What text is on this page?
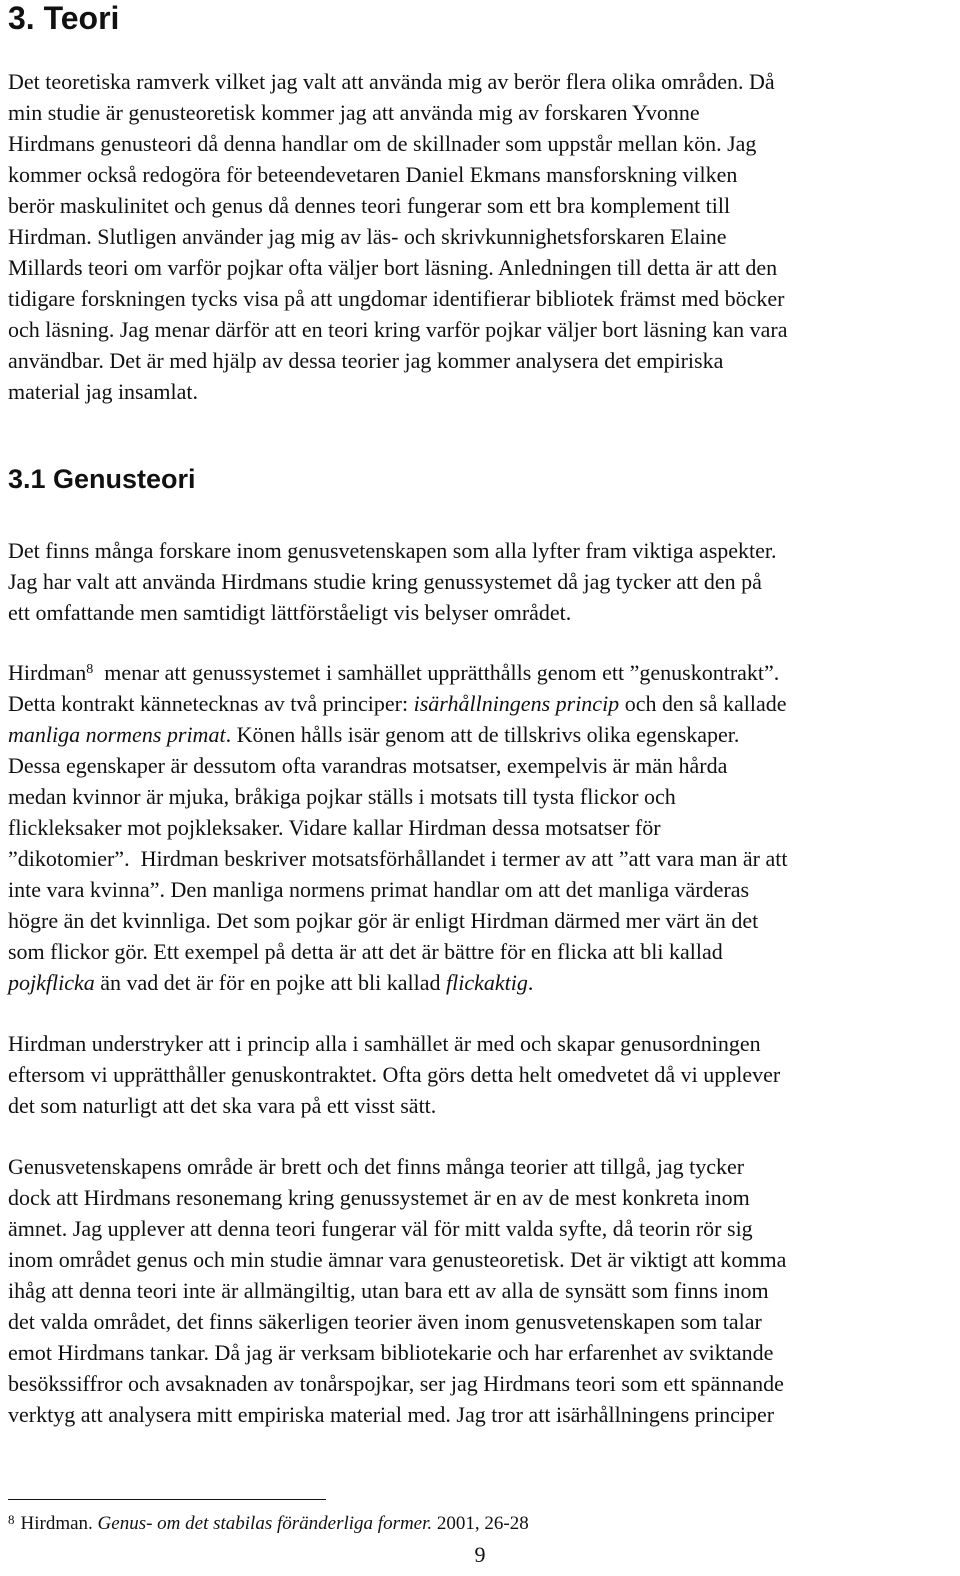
3. Teori

Det teoretiska ramverk vilket jag valt att använda mig av berör flera olika områden. Då
min studie är genusteoretisk kommer jag att använda mig av forskaren Yvonne
Hirdmans genusteori då denna handlar om de skillnader som uppstår mellan kön. Jag
kommer också redogöra för beteendevetaren Daniel Ekmans mansforskning vilken
berör maskulinitet och genus då dennes teori fungerar som ett bra komplement till
Hirdman. Slutligen använder jag mig av läs- och skrivkunnighetsforskaren Elaine
Millards teori om varför pojkar ofta väljer bort läsning. Anledningen till detta är att den
tidigare forskningen tycks visa på att ungdomar identifierar bibliotek främst med böcker
och läsning. Jag menar därför att en teori kring varför pojkar väljer bort läsning kan vara
användbar. Det är med hjälp av dessa teorier jag kommer analysera det empiriska
material jag insamlat.

3.1 Genusteori

Det finns många forskare inom genusvetenskapen som alla lyfter fram viktiga aspekter.
Jag har valt att använda Hirdmans studie kring genussystemet då jag tycker att den på
ett omfattande men samtidigt lättförståeligt vis belyser området.

Hirdman$^8$  menar att genussystemet i samhället upprätthålls genom ett ”genuskontrakt”.
Detta kontrakt kännetecknas av två principer: isärhållningens princip och den så kallade
manliga normens primat. Könen hålls isär genom att de tillskrivs olika egenskaper.
Dessa egenskaper är dessutom ofta varandras motsatser, exempelvis är män hårda
medan kvinnor är mjuka, bråkiga pojkar ställs i motsats till tysta flickor och
flickleksaker mot pojkleksaker. Vidare kallar Hirdman dessa motsatser för
”dikotomier”.  Hirdman beskriver motsatsförhållandet i termer av att ”att vara man är att
inte vara kvinna”. Den manliga normens primat handlar om att det manliga värderas
högre än det kvinnliga. Det som pojkar gör är enligt Hirdman därmed mer värt än det
som flickor gör. Ett exempel på detta är att det är bättre för en flicka att bli kallad
pojkflicka än vad det är för en pojke att bli kallad flickaktig.

Hirdman understryker att i princip alla i samhället är med och skapar genusordningen
eftersom vi upprätthåller genuskontraktet. Ofta görs detta helt omedvetet då vi upplever
det som naturligt att det ska vara på ett visst sätt.

Genusvetenskapens område är brett och det finns många teorier att tillgå, jag tycker
dock att Hirdmans resonemang kring genussystemet är en av de mest konkreta inom
ämnet. Jag upplever att denna teori fungerar väl för mitt valda syfte, då teorin rör sig
inom området genus och min studie ämnar vara genusteoretisk. Det är viktigt att komma
ihåg att denna teori inte är allmängiltig, utan bara ett av alla de synsätt som finns inom
det valda området, det finns säkerligen teorier även inom genusvetenskapen som talar
emot Hirdmans tankar. Då jag är verksam bibliotekarie och har erfarenhet av sviktande
besökssiffror och avsaknaden av tonårspojkar, ser jag Hirdmans teori som ett spännande
verktyg att analysera mitt empiriska material med. Jag tror att isärhållningens principer

$^8$ Hirdman. Genus- om det stabilas föränderliga former. 2001, 26-28
9
